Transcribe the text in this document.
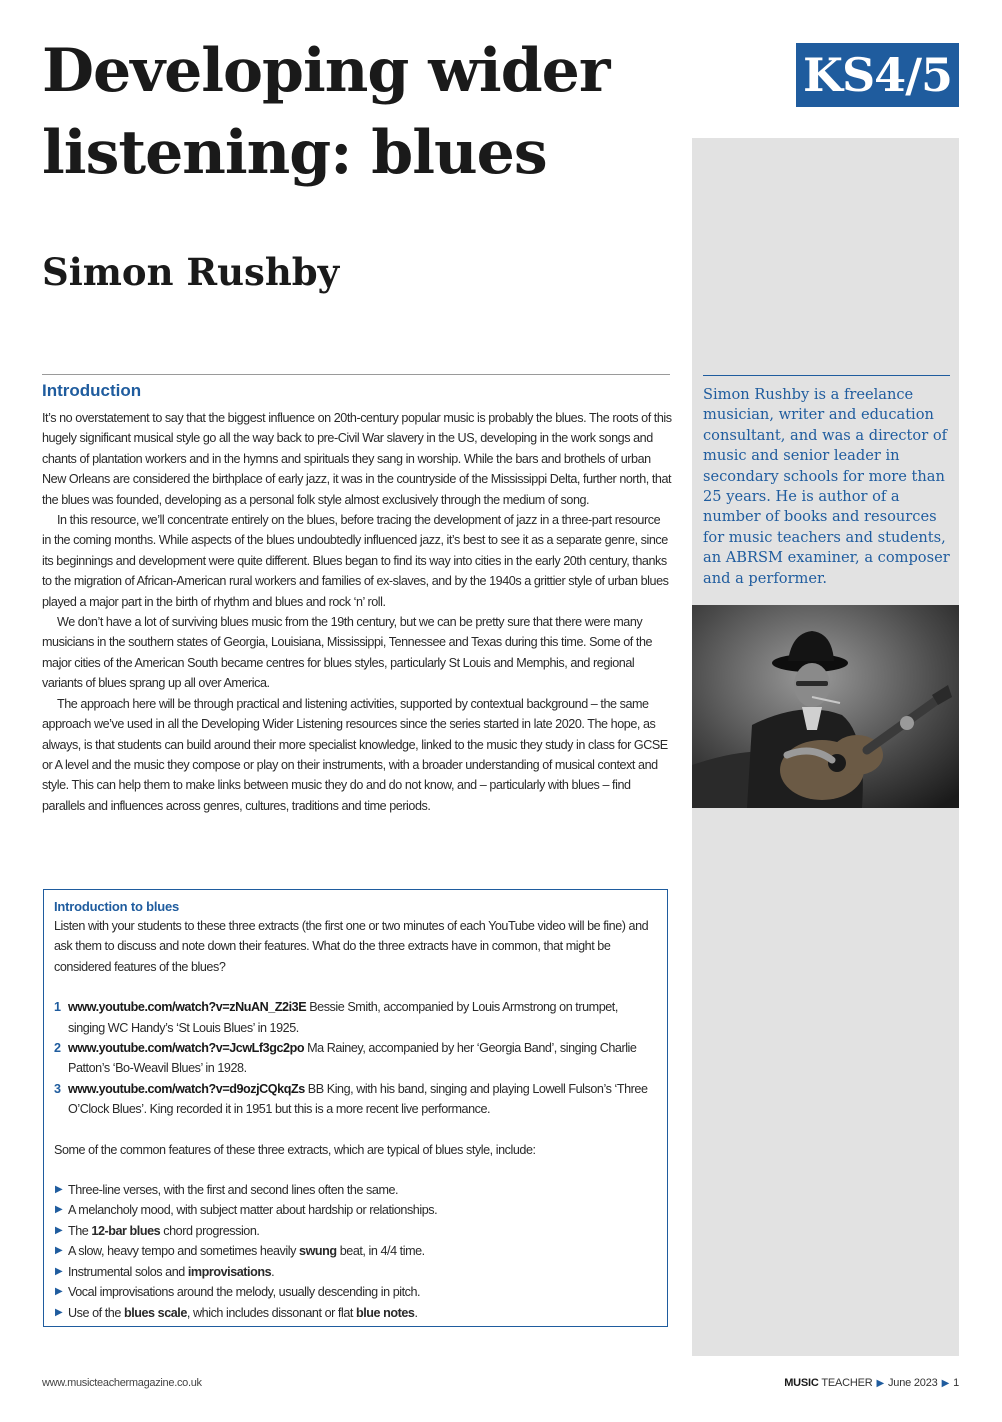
Developing wider
listening: blues
Simon Rushby
KS4/5
Simon Rushby is a freelance musician, writer and education consultant, and was a director of music and senior leader in secondary schools for more than 25 years. He is author of a number of books and resources for music teachers and students, an ABRSM examiner, a composer and a performer.
Introduction

It’s no overstatement to say that the biggest influence on 20th-century popular music is probably the blues. The roots of this hugely significant musical style go all the way back to pre-Civil War slavery in the US, developing in the work songs and chants of plantation workers and in the hymns and spirituals they sang in worship. While the bars and brothels of urban New Orleans are considered the birthplace of early jazz, it was in the countryside of the Mississippi Delta, further north, that the blues was founded, developing as a personal folk style almost exclusively through the medium of song.

In this resource, we’ll concentrate entirely on the blues, before tracing the development of jazz in a three-part resource in the coming months. While aspects of the blues undoubtedly influenced jazz, it’s best to see it as a separate genre, since its beginnings and development were quite different. Blues began to find its way into cities in the early 20th century, thanks to the migration of African-American rural workers and families of ex-slaves, and by the 1940s a grittier style of urban blues played a major part in the birth of rhythm and blues and rock ‘n’ roll.

We don’t have a lot of surviving blues music from the 19th century, but we can be pretty sure that there were many musicians in the southern states of Georgia, Louisiana, Mississippi, Tennessee and Texas during this time. Some of the major cities of the American South became centres for blues styles, particularly St Louis and Memphis, and regional variants of blues sprang up all over America.

The approach here will be through practical and listening activities, supported by contextual background – the same approach we’ve used in all the Developing Wider Listening resources since the series started in late 2020. The hope, as always, is that students can build around their more specialist knowledge, linked to the music they study in class for GCSE or A level and the music they compose or play on their instruments, with a broader understanding of musical context and style. This can help them to make links between music they do and do not know, and – particularly with blues – find parallels and influences across genres, cultures, traditions and time periods.

Introduction to blues

Listen with your students to these three extracts (the first one or two minutes of each YouTube video will be fine) and ask them to discuss and note down their features. What do the three extracts have in common, that might be considered features of the blues?

1 www.youtube.com/watch?v=zNuAN_Z2i3E Bessie Smith, accompanied by Louis Armstrong on trumpet, singing WC Handy’s ‘St Louis Blues’ in 1925.
2 www.youtube.com/watch?v=JcwLf3gc2po Ma Rainey, accompanied by her ‘Georgia Band’, singing Charlie Patton’s ‘Bo-Weavil Blues’ in 1928.
3 www.youtube.com/watch?v=d9ozjCQkqZs BB King, with his band, singing and playing Lowell Fulson’s ‘Three O’Clock Blues’. King recorded it in 1951 but this is a more recent live performance.

Some of the common features of these three extracts, which are typical of blues style, include:

▶ Three-line verses, with the first and second lines often the same.
▶ A melancholy mood, with subject matter about hardship or relationships.
▶ The 12-bar blues chord progression.
▶ A slow, heavy tempo and sometimes heavily swung beat, in 4/4 time.
▶ Instrumental solos and improvisations.
▶ Vocal improvisations around the melody, usually descending in pitch.
▶ Use of the blues scale, which includes dissonant or flat blue notes.
www.musicteachermagazine.co.uk	MUSIC TEACHER ▶ June 2023 ▶ 1
